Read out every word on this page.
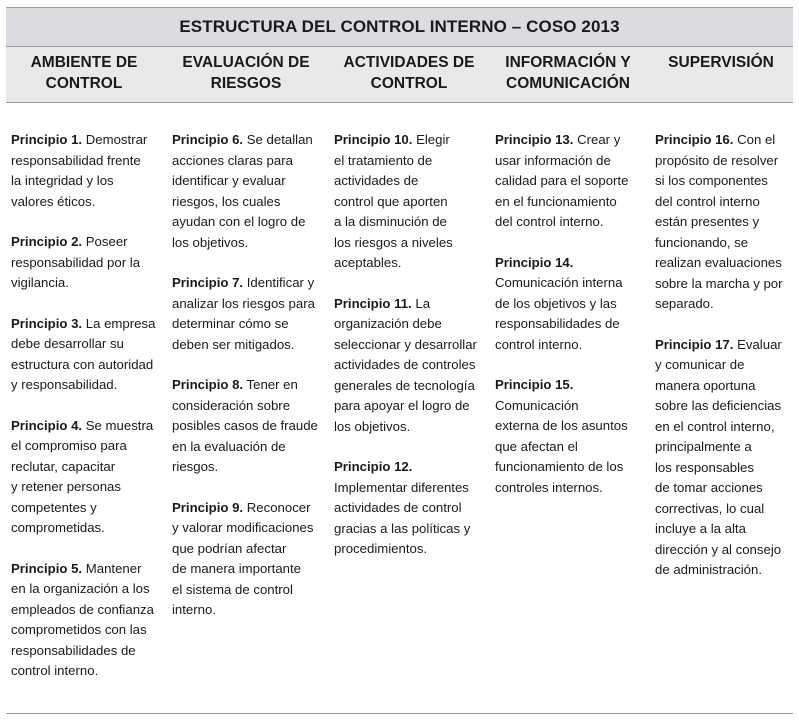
ESTRUCTURA DEL CONTROL INTERNO – COSO 2013
AMBIENTE DE
CONTROL
EVALUACIÓN DE
RIESGOS
ACTIVIDADES DE
CONTROL
INFORMACIÓN Y
COMUNICACIÓN
SUPERVISIÓN

Principio 1. Demostrar
responsabilidad frente
la integridad y los
valores éticos.

Principio 2. Poseer
responsabilidad por la
vigilancia.

Principio 3. La empresa
debe desarrollar su
estructura con autoridad
y responsabilidad.

Principio 4. Se muestra
el compromiso para
reclutar, capacitar
y retener personas
competentes y
comprometidas.

Principio 5. Mantener
en la organización a los
empleados de confianza
comprometidos con las
responsabilidades de
control interno.

Principio 6. Se detallan
acciones claras para
identificar y evaluar
riesgos, los cuales
ayudan con el logro de
los objetivos.

Principio 7. Identificar y
analizar los riesgos para
determinar cómo se
deben ser mitigados.

Principio 8. Tener en
consideración sobre
posibles casos de fraude
en la evaluación de
riesgos.

Principio 9. Reconocer
y valorar modificaciones
que podrían afectar
de manera importante
el sistema de control
interno.

Principio 10. Elegir
el tratamiento de
actividades de
control que aporten
a la disminución de
los riesgos a niveles
aceptables.

Principio 11. La
organización debe
seleccionar y desarrollar
actividades de controles
generales de tecnología
para apoyar el logro de
los objetivos.

Principio 12.
Implementar diferentes
actividades de control
gracias a las políticas y
procedimientos.

Principio 13. Crear y
usar información de
calidad para el soporte
en el funcionamiento
del control interno.

Principio 14.
Comunicación interna
de los objetivos y las
responsabilidades de
control interno.

Principio 15.
Comunicación
externa de los asuntos
que afectan el
funcionamiento de los
controles internos.

Principio 16. Con el
propósito de resolver
si los componentes
del control interno
están presentes y
funcionando, se
realizan evaluaciones
sobre la marcha y por
separado.

Principio 17. Evaluar
y comunicar de
manera oportuna
sobre las deficiencias
en el control interno,
principalmente a
los responsables
de tomar acciones
correctivas, lo cual
incluye a la alta
dirección y al consejo
de administración.
